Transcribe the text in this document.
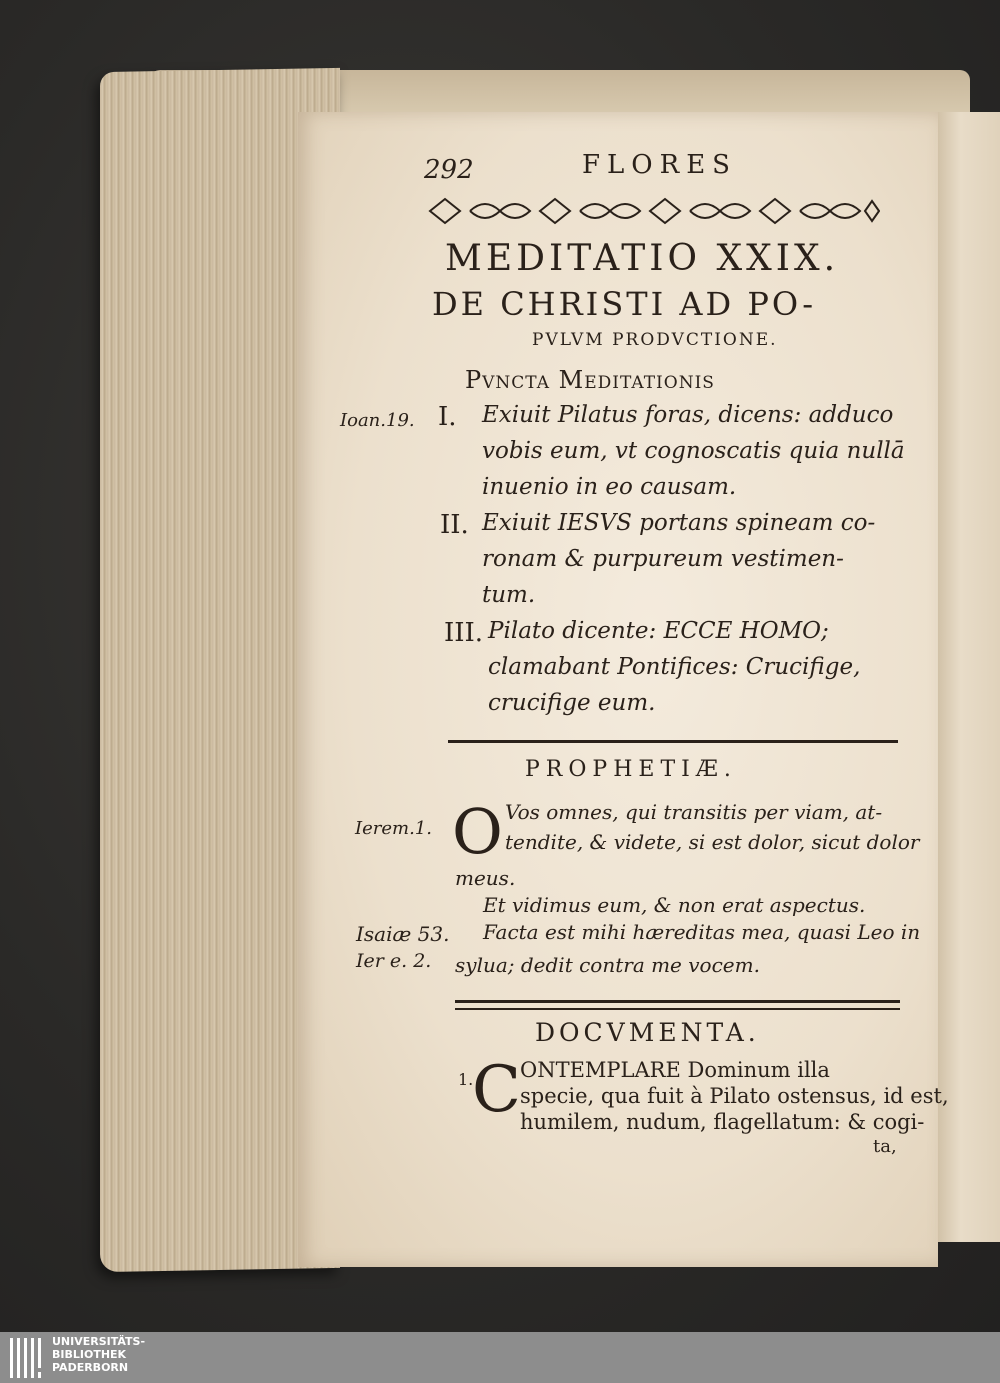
292	FLORES
MEDITATIO XXIX.
DE CHRISTI AD PO-
PVLVM PRODVCTIONE.
Pvncta Meditationis
Ioan.19. I. Exiuit Pilatus foras, dicens: adduco
vobis eum, vt cognoscatis quia nullā
inuenio in eo causam.
II. Exiuit IESVS portans spineam co-
ronam & purpureum vestimen-
tum.
III. Pilato dicente: ECCE HOMO;
clamabant Pontifices: Crucifige,
crucifige eum.
PROPHETIÆ.
Ierem.1. O Vos omnes, qui transitis per viam, at-
tendite, & videte, si est dolor, sicut dolor
meus.
Et vidimus eum, & non erat aspectus.
Isaiæ 53. Facta est mihi hæreditas mea, quasi Leo in
Ier e. 2. sylua; dedit contra me vocem.
DOCVMENTA.
1.
C ONTEMPLARE Dominum illa
specie, qua fuit à Pilato ostensus, id est,
humilem, nudum, flagellatum: & cogi-
ta,
UNIVERSITÄTS-
BIBLIOTHEK
PADERBORN
